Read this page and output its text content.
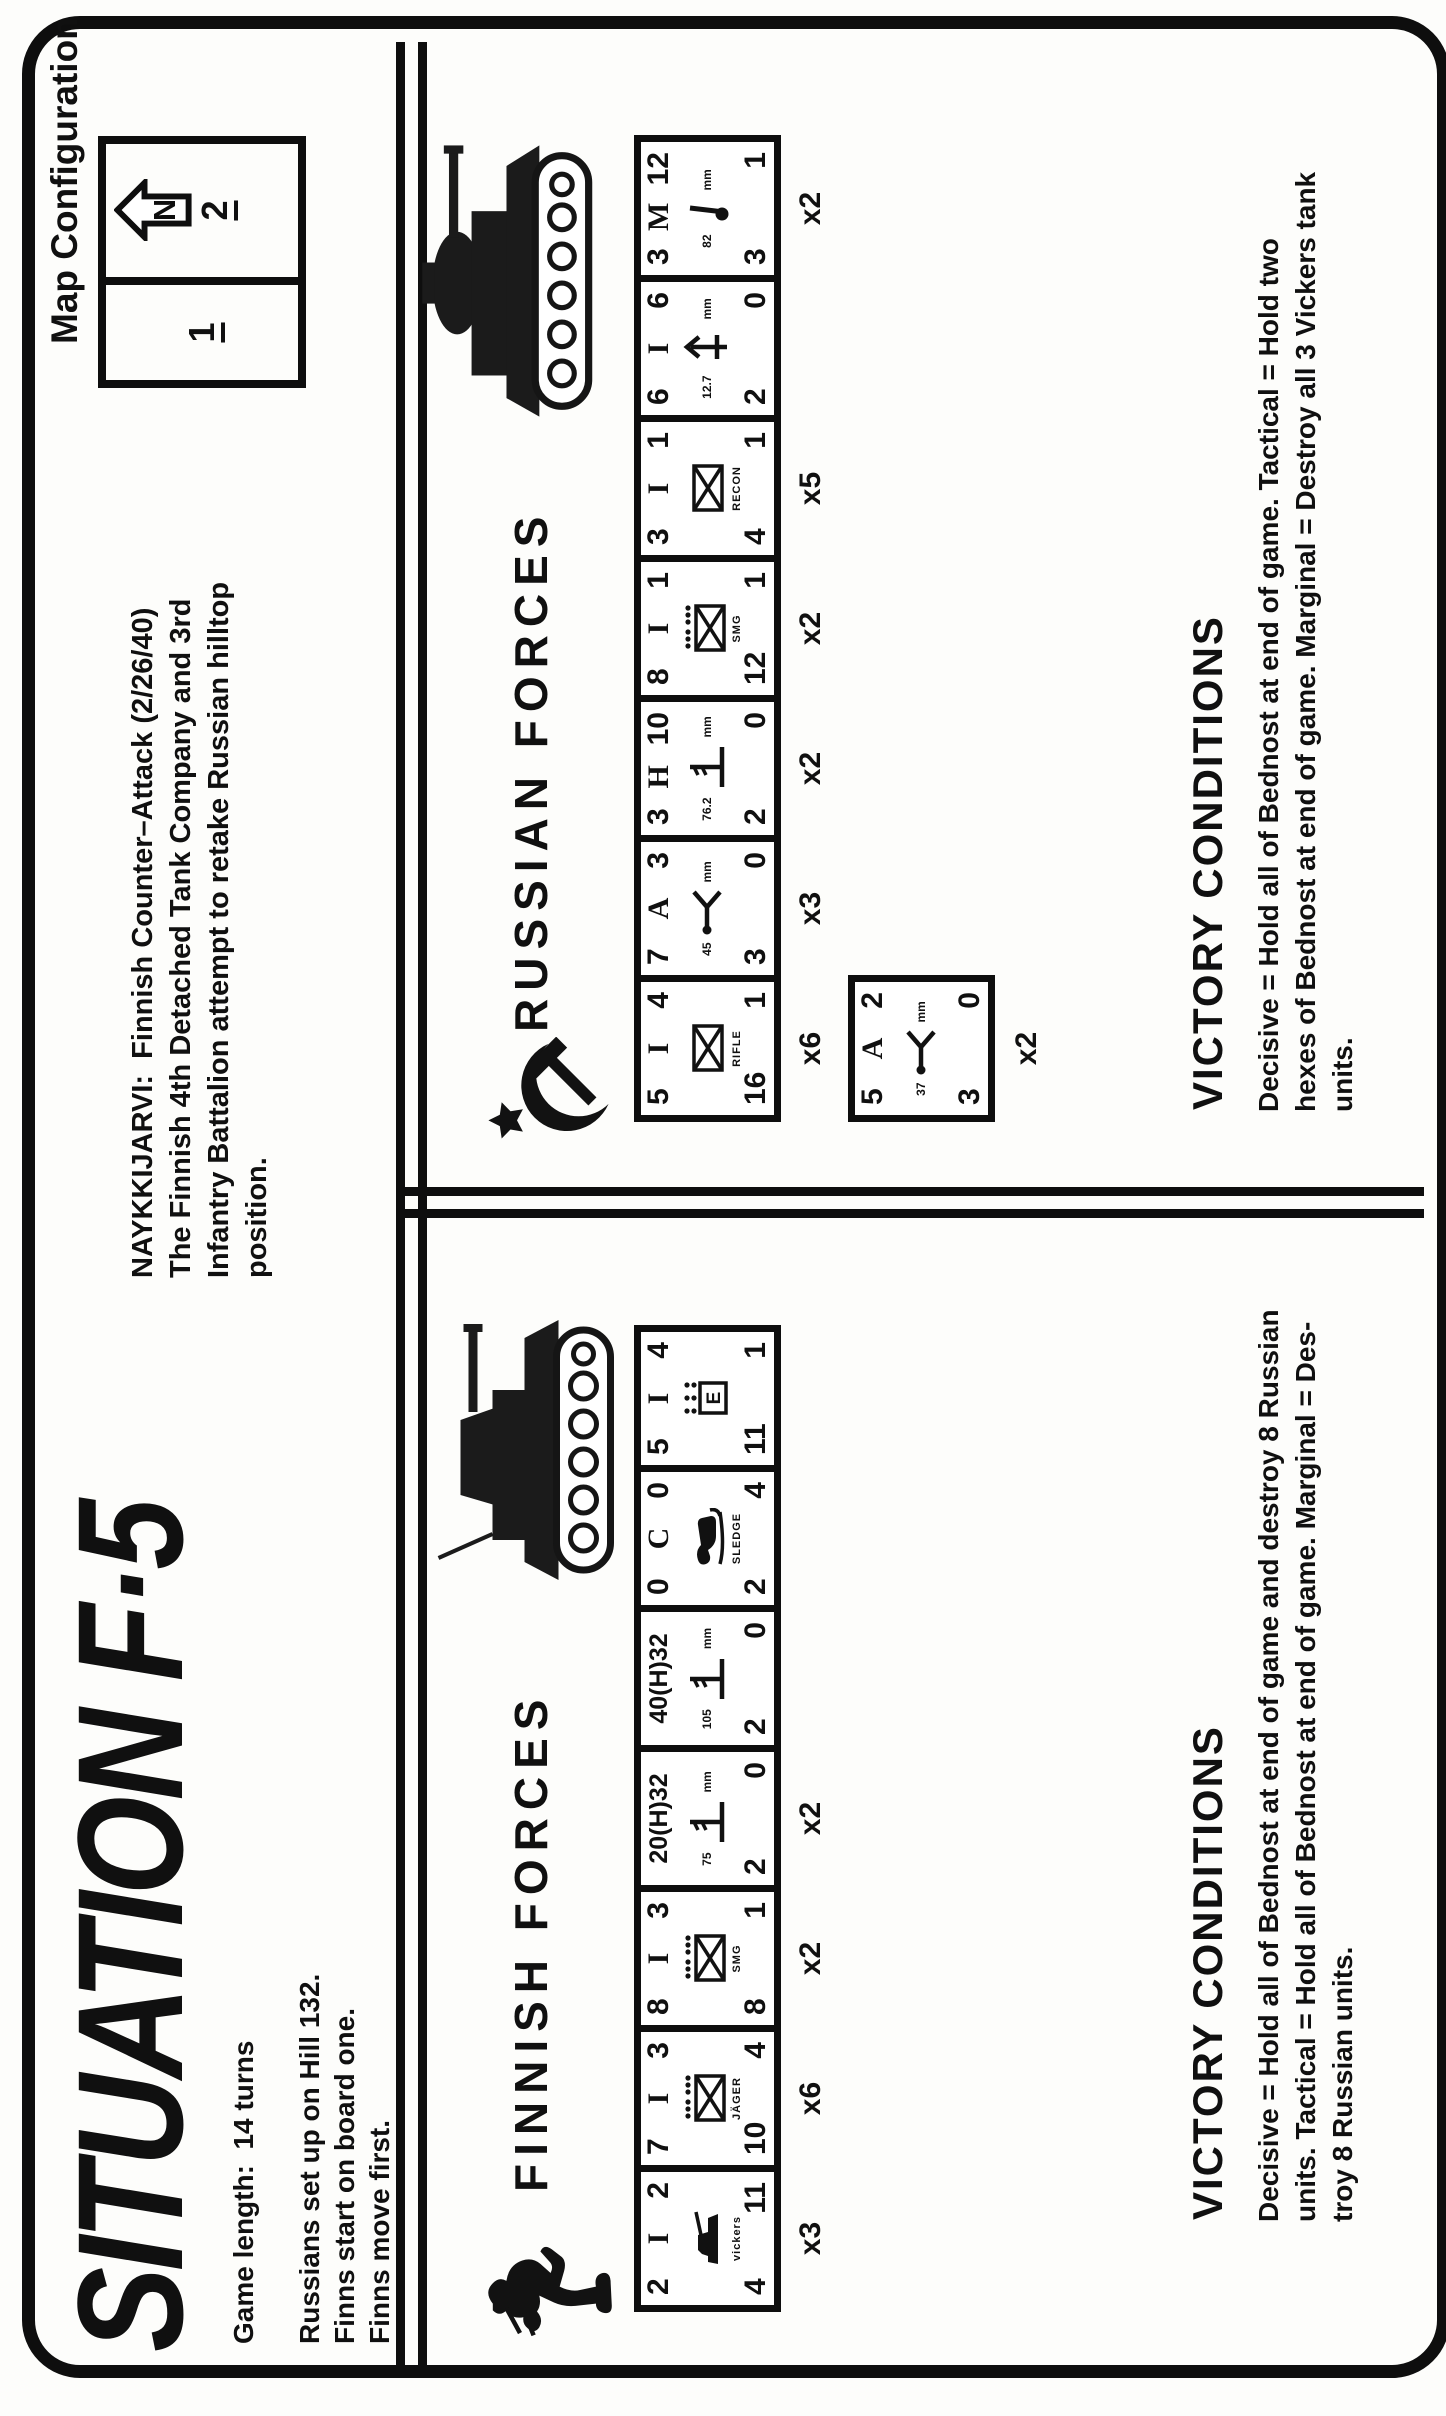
SITUATION F·5 Game length:  14 turns Russians set up on Hill 132. Finns start on board one. Finns move first.
NAYKKIJARVI:  Finnish Counter–Attack (2/26/40) The Finnish 4th Detached Tank Company and 3rd Infantry Battalion attempt to retake Russian hilltop position.
Map Configuration	1
N 2
FINNISH FORCES
2
I
2
vickers
4
11
x3
7
I
3
JÄGER
10
4
x6
8
I
3
SMG
8
1
x2
20(H)32 75
mm
2
0
x2
40(H)32 105
mm
2
0
0
C
0
SLEDGE
2
4
5
I
4
E
11
1
VICTORY CONDITIONS Decisive = Hold all of Bednost at end of game and destroy 8 Russian units. Tactical = Hold all of Bednost at end of game. Marginal = Des- troy 8 Russian units.
RUSSIAN FORCES
5
I
4
RIFLE
16
1
x6
7
A
3
45
mm
3
0
x3
3
H
10
76.2
mm
2
0
x2
8
I
1
SMG
12
1
x2
3
I
1
RECON
4
1
x5
6
I
6
12.7
mm
2
0
3
M
12
82
mm
3
1
x2
5
A
2
37
mm
3
0
x2	VICTORY CONDITIONS Decisive = Hold all of Bednost at end of game. Tactical = Hold two hexes of Bednost at end of game. Marginal = Destroy all 3 Vickers tank units.
